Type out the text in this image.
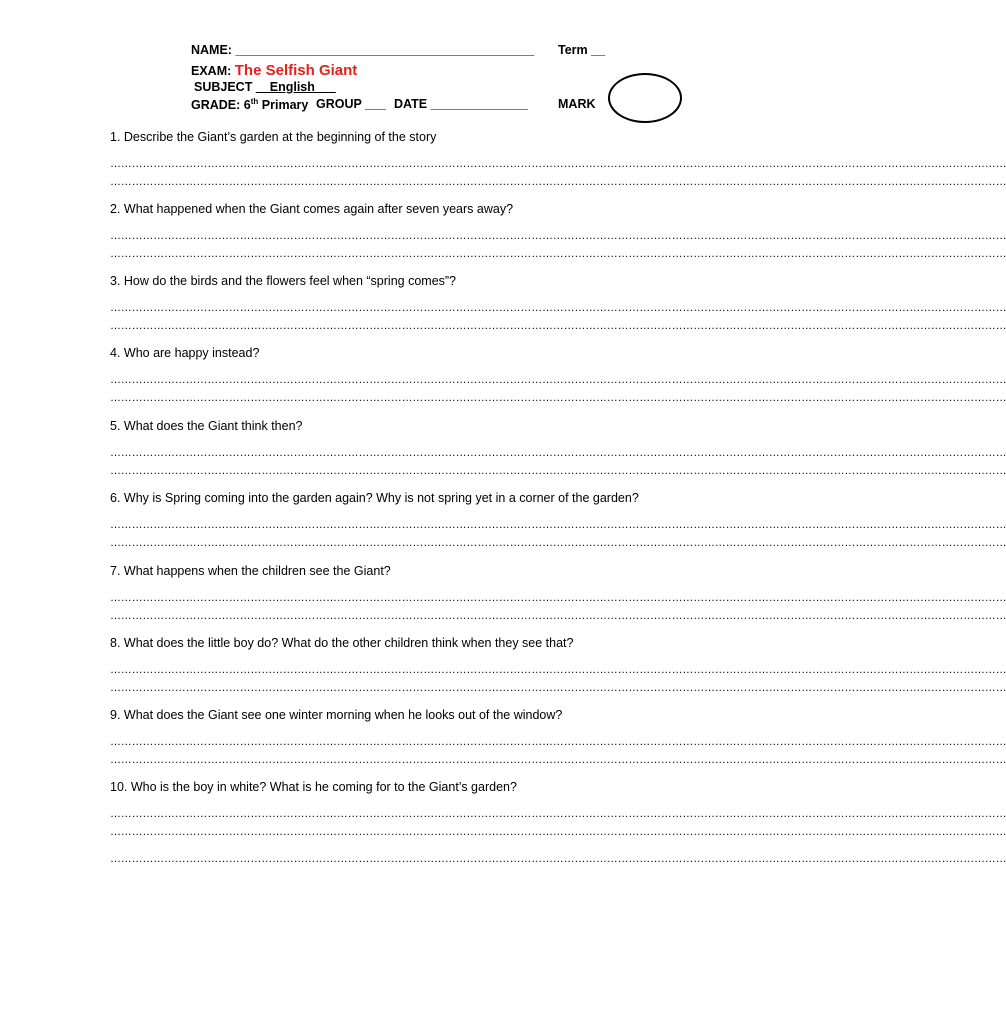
NAME: ___________________________________________ Term __
EXAM: The Selfish Giant
SUBJECT __English___
GRADE: 6th Primary GROUP ___ DATE ______________ MARK
1. Describe the Giant’s garden at the beginning of the story
……………………………………………………………………………………………………………………………………………………………………………………………………………………………
……………………………………………………………………………………………………………………………………………………………………………………………………………………………
2. What happened when the Giant comes again after seven years away?
……………………………………………………………………………………………………………………………………………………………………………………………………………………………
……………………………………………………………………………………………………………………………………………………………………………………………………………………………
3. How do the birds and the flowers feel when “spring comes”?
……………………………………………………………………………………………………………………………………………………………………………………………………………………………
……………………………………………………………………………………………………………………………………………………………………………………………………………………………
4. Who are happy instead?
……………………………………………………………………………………………………………………………………………………………………………………………………………………………
……………………………………………………………………………………………………………………………………………………………………………………………………………………………
5. What does the Giant think then?
……………………………………………………………………………………………………………………………………………………………………………………………………………………………
……………………………………………………………………………………………………………………………………………………………………………………………………………………………
6. Why is Spring coming into the garden again? Why is not spring yet in a corner of the garden?
……………………………………………………………………………………………………………………………………………………………………………………………………………………………
……………………………………………………………………………………………………………………………………………………………………………………………………………………………
7. What happens when the children see the Giant?
……………………………………………………………………………………………………………………………………………………………………………………………………………………………
……………………………………………………………………………………………………………………………………………………………………………………………………………………………
8. What does the little boy do? What do the other children think when they see that?
……………………………………………………………………………………………………………………………………………………………………………………………………………………………
……………………………………………………………………………………………………………………………………………………………………………………………………………………………
9. What does the Giant see one winter morning when he looks out of the window?
……………………………………………………………………………………………………………………………………………………………………………………………………………………………
……………………………………………………………………………………………………………………………………………………………………………………………………………………………
10. Who is the boy in white? What is he coming for to the Giant’s garden?
……………………………………………………………………………………………………………………………………………………………………………………………………………………………
……………………………………………………………………………………………………………………………………………………………………………………………………………………………
……………………………………………………………………………………………………………………………………………………………………………………………………………………………
